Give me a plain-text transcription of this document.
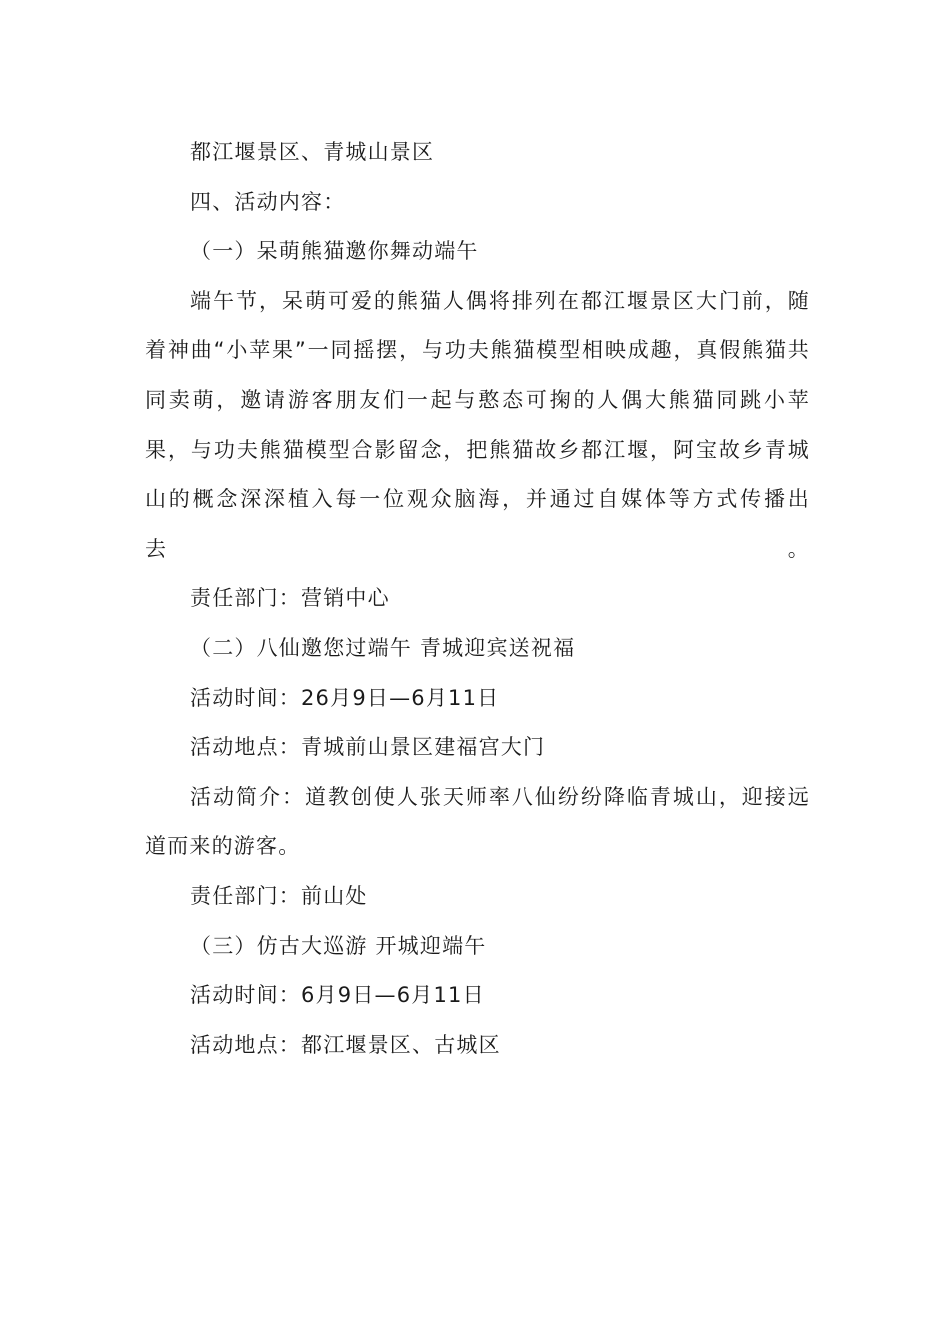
都江堰景区、青城山景区

四、活动内容：

（一）呆萌熊猫邀你舞动端午

端午节，呆萌可爱的熊猫人偶将排列在都江堰景区大门前，随着神曲“小苹果”一同摇摆，与功夫熊猫模型相映成趣，真假熊猫共同卖萌，邀请游客朋友们一起与憨态可掬的人偶大熊猫同跳小苹果，与功夫熊猫模型合影留念，把熊猫故乡都江堰，阿宝故乡青城山的概念深深植入每一位观众脑海，并通过自媒体等方式传播出去。

责任部门：营销中心

（二）八仙邀您过端午 青城迎宾送祝福

活动时间：26月9日—6月11日

活动地点：青城前山景区建福宫大门

活动简介：道教创使人张天师率八仙纷纷降临青城山，迎接远道而来的游客。

责任部门：前山处

（三）仿古大巡游 开城迎端午

活动时间：6月9日—6月11日

活动地点：都江堰景区、古城区
